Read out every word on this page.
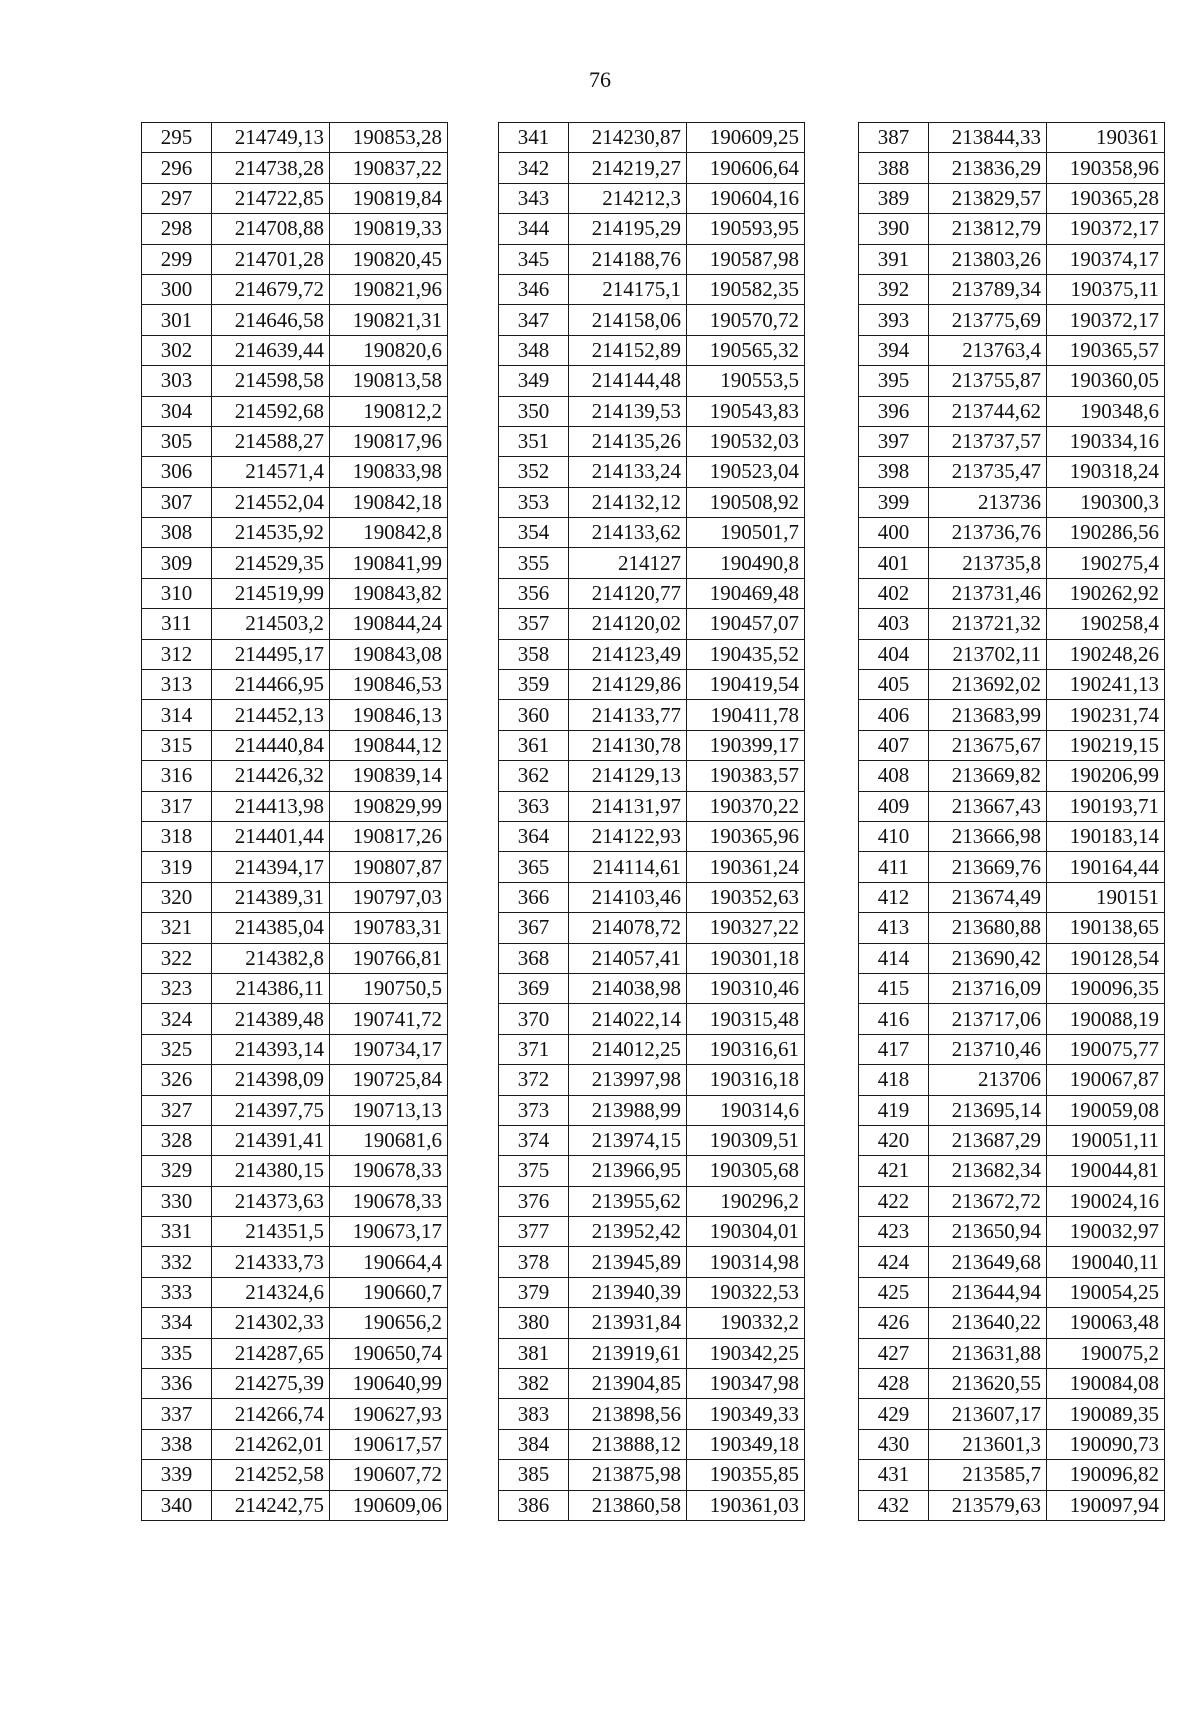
76
295	214749,13	190853,28
296	214738,28	190837,22
297	214722,85	190819,84
298	214708,88	190819,33
299	214701,28	190820,45
300	214679,72	190821,96
301	214646,58	190821,31
302	214639,44	190820,6
303	214598,58	190813,58
304	214592,68	190812,2
305	214588,27	190817,96
306	214571,4	190833,98
307	214552,04	190842,18
308	214535,92	190842,8
309	214529,35	190841,99
310	214519,99	190843,82
311	214503,2	190844,24
312	214495,17	190843,08
313	214466,95	190846,53
314	214452,13	190846,13
315	214440,84	190844,12
316	214426,32	190839,14
317	214413,98	190829,99
318	214401,44	190817,26
319	214394,17	190807,87
320	214389,31	190797,03
321	214385,04	190783,31
322	214382,8	190766,81
323	214386,11	190750,5
324	214389,48	190741,72
325	214393,14	190734,17
326	214398,09	190725,84
327	214397,75	190713,13
328	214391,41	190681,6
329	214380,15	190678,33
330	214373,63	190678,33
331	214351,5	190673,17
332	214333,73	190664,4
333	214324,6	190660,7
334	214302,33	190656,2
335	214287,65	190650,74
336	214275,39	190640,99
337	214266,74	190627,93
338	214262,01	190617,57
339	214252,58	190607,72
340	214242,75	190609,06
341	214230,87	190609,25
342	214219,27	190606,64
343	214212,3	190604,16
344	214195,29	190593,95
345	214188,76	190587,98
346	214175,1	190582,35
347	214158,06	190570,72
348	214152,89	190565,32
349	214144,48	190553,5
350	214139,53	190543,83
351	214135,26	190532,03
352	214133,24	190523,04
353	214132,12	190508,92
354	214133,62	190501,7
355	214127	190490,8
356	214120,77	190469,48
357	214120,02	190457,07
358	214123,49	190435,52
359	214129,86	190419,54
360	214133,77	190411,78
361	214130,78	190399,17
362	214129,13	190383,57
363	214131,97	190370,22
364	214122,93	190365,96
365	214114,61	190361,24
366	214103,46	190352,63
367	214078,72	190327,22
368	214057,41	190301,18
369	214038,98	190310,46
370	214022,14	190315,48
371	214012,25	190316,61
372	213997,98	190316,18
373	213988,99	190314,6
374	213974,15	190309,51
375	213966,95	190305,68
376	213955,62	190296,2
377	213952,42	190304,01
378	213945,89	190314,98
379	213940,39	190322,53
380	213931,84	190332,2
381	213919,61	190342,25
382	213904,85	190347,98
383	213898,56	190349,33
384	213888,12	190349,18
385	213875,98	190355,85
386	213860,58	190361,03
387	213844,33	190361
388	213836,29	190358,96
389	213829,57	190365,28
390	213812,79	190372,17
391	213803,26	190374,17
392	213789,34	190375,11
393	213775,69	190372,17
394	213763,4	190365,57
395	213755,87	190360,05
396	213744,62	190348,6
397	213737,57	190334,16
398	213735,47	190318,24
399	213736	190300,3
400	213736,76	190286,56
401	213735,8	190275,4
402	213731,46	190262,92
403	213721,32	190258,4
404	213702,11	190248,26
405	213692,02	190241,13
406	213683,99	190231,74
407	213675,67	190219,15
408	213669,82	190206,99
409	213667,43	190193,71
410	213666,98	190183,14
411	213669,76	190164,44
412	213674,49	190151
413	213680,88	190138,65
414	213690,42	190128,54
415	213716,09	190096,35
416	213717,06	190088,19
417	213710,46	190075,77
418	213706	190067,87
419	213695,14	190059,08
420	213687,29	190051,11
421	213682,34	190044,81
422	213672,72	190024,16
423	213650,94	190032,97
424	213649,68	190040,11
425	213644,94	190054,25
426	213640,22	190063,48
427	213631,88	190075,2
428	213620,55	190084,08
429	213607,17	190089,35
430	213601,3	190090,73
431	213585,7	190096,82
432	213579,63	190097,94
